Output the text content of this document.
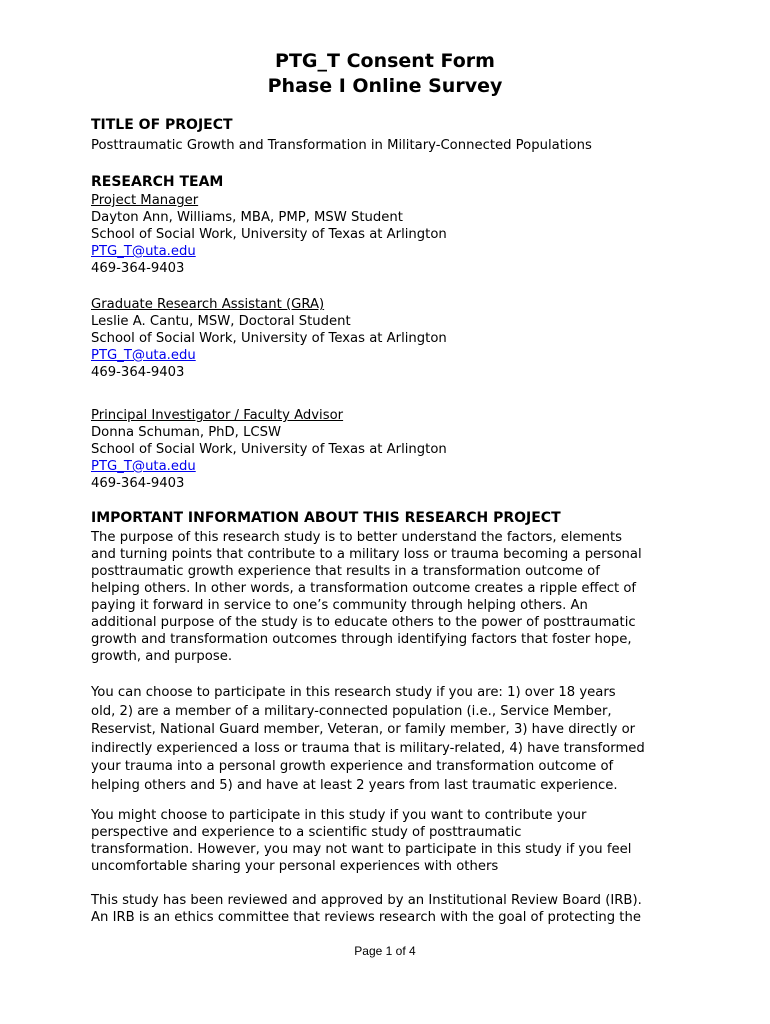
PTG_T Consent Form
Phase I Online Survey
TITLE OF PROJECT
Posttraumatic Growth and Transformation in Military-Connected Populations
RESEARCH TEAM
Project Manager
Dayton Ann, Williams, MBA, PMP, MSW Student
School of Social Work, University of Texas at Arlington
PTG_T@uta.edu
469-364-9403
Graduate Research Assistant (GRA)
Leslie A. Cantu, MSW, Doctoral Student
School of Social Work, University of Texas at Arlington
PTG_T@uta.edu
469-364-9403
Principal Investigator / Faculty Advisor
Donna Schuman, PhD, LCSW
School of Social Work, University of Texas at Arlington
PTG_T@uta.edu
469-364-9403
IMPORTANT INFORMATION ABOUT THIS RESEARCH PROJECT
The purpose of this research study is to better understand the factors, elements
and turning points that contribute to a military loss or trauma becoming a personal
posttraumatic growth experience that results in a transformation outcome of
helping others. In other words, a transformation outcome creates a ripple effect of
paying it forward in service to one’s community through helping others. An
additional purpose of the study is to educate others to the power of posttraumatic
growth and transformation outcomes through identifying factors that foster hope,
growth, and purpose.
You can choose to participate in this research study if you are: 1) over 18 years
old, 2) are a member of a military-connected population (i.e., Service Member,
Reservist, National Guard member, Veteran, or family member, 3) have directly or
indirectly experienced a loss or trauma that is military-related, 4) have transformed
your trauma into a personal growth experience and transformation outcome of
helping others and 5) and have at least 2 years from last traumatic experience.
You might choose to participate in this study if you want to contribute your
perspective and experience to a scientific study of posttraumatic
transformation. However, you may not want to participate in this study if you feel
uncomfortable sharing your personal experiences with others
This study has been reviewed and approved by an Institutional Review Board (IRB).
An IRB is an ethics committee that reviews research with the goal of protecting the
Page 1 of 4
